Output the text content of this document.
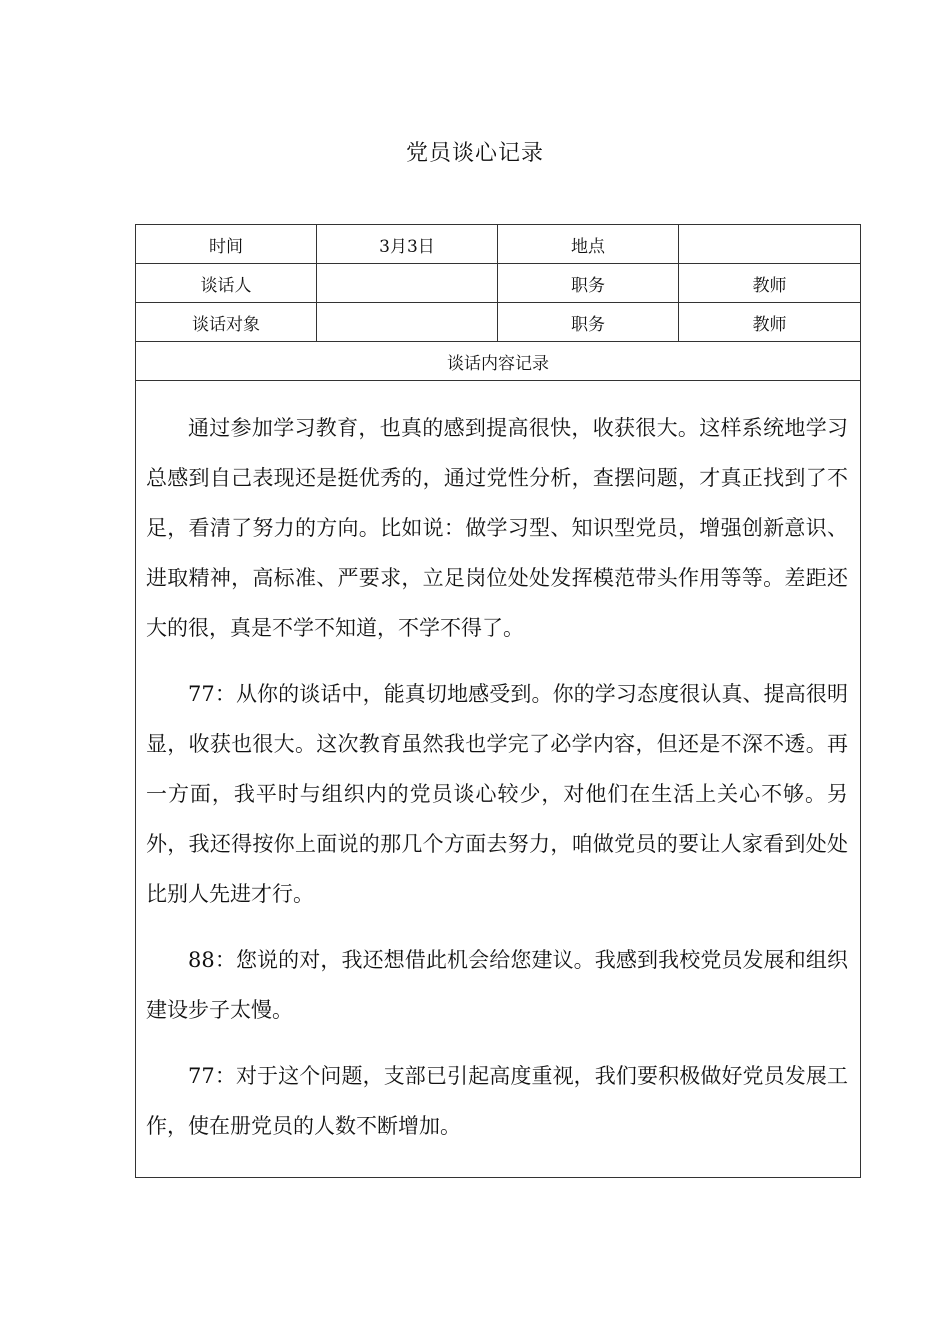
党员谈心记录
时间	3月3日	地点	
谈话人		职务	教师
谈话对象		职务	教师
谈话内容记录			

通过参加学习教育，也真的感到提高很快，收获很大。这样系统地学习总感到自己表现还是挺优秀的，通过党性分析，查摆问题，才真正找到了不足，看清了努力的方向。比如说：做学习型、知识型党员，增强创新意识、进取精神，高标准、严要求，立足岗位处处发挥模范带头作用等等。差距还大的很，真是不学不知道，不学不得了。

77：从你的谈话中，能真切地感受到。你的学习态度很认真、提高很明显，收获也很大。这次教育虽然我也学完了必学内容，但还是不深不透。再一方面，我平时与组织内的党员谈心较少，对他们在生活上关心不够。另外，我还得按你上面说的那几个方面去努力，咱做党员的要让人家看到处处比别人先进才行。

88：您说的对，我还想借此机会给您建议。我感到我校党员发展和组织建设步子太慢。

77：对于这个问题，支部已引起高度重视，我们要积极做好党员发展工作，使在册党员的人数不断增加。			
